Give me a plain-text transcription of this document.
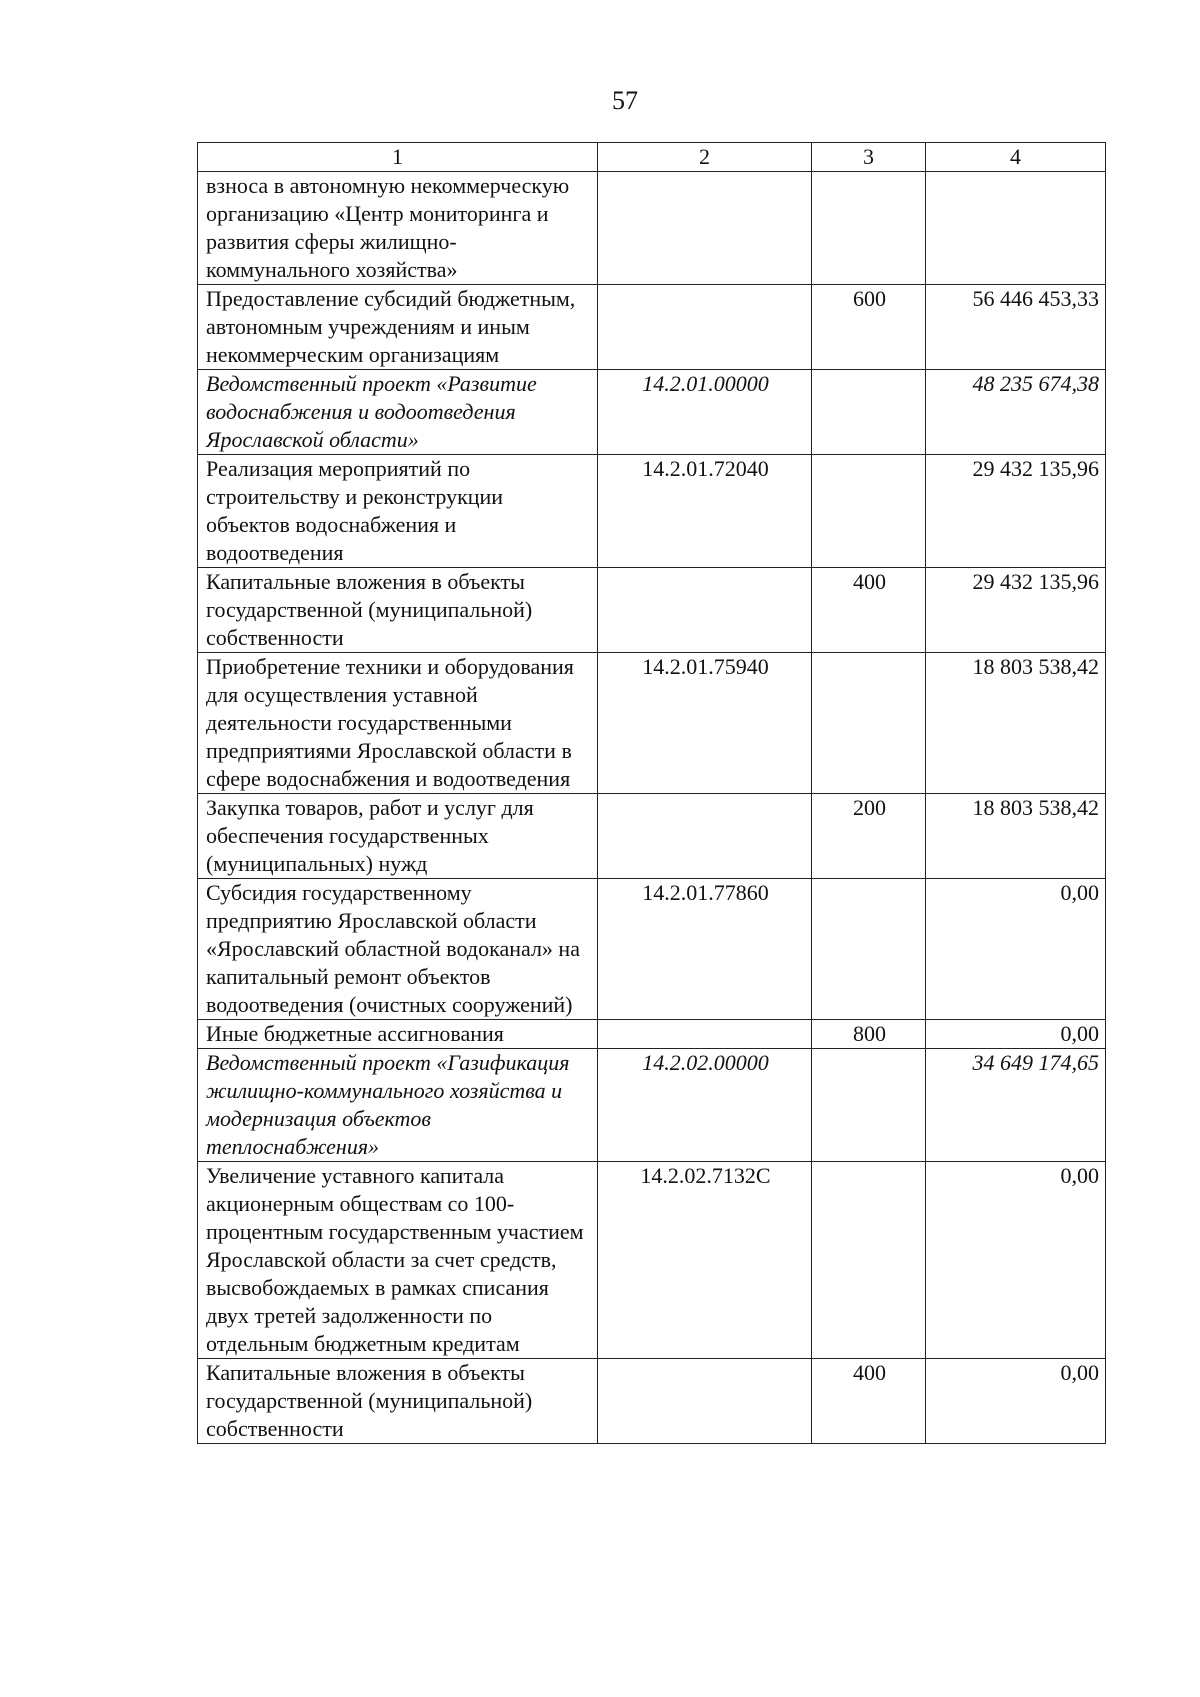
57
1	2	3	4
взноса в автономную некоммерческую организацию «Центр мониторинга и развития сферы жилищно-коммунального хозяйства»			
Предоставление субсидий бюджетным, автономным учреждениям и иным некоммерческим организациям		600	56 446 453,33
Ведомственный проект «Развитие водоснабжения и водоотведения Ярославской области»	14.2.01.00000		48 235 674,38
Реализация мероприятий по строительству и реконструкции объектов водоснабжения и водоотведения	14.2.01.72040		29 432 135,96
Капитальные вложения в объекты государственной (муниципальной) собственности		400	29 432 135,96
Приобретение техники и оборудования для осуществления уставной деятельности государственными предприятиями Ярославской области в сфере водоснабжения и водоотведения	14.2.01.75940		18 803 538,42
Закупка товаров, работ и услуг для обеспечения государственных (муниципальных) нужд		200	18 803 538,42
Субсидия государственному предприятию Ярославской области «Ярославский областной водоканал» на капитальный ремонт объектов водоотведения (очистных сооружений)	14.2.01.77860		0,00
Иные бюджетные ассигнования		800	0,00
Ведомственный проект «Газификация жилищно-коммунального хозяйства и модернизация объектов теплоснабжения»	14.2.02.00000		34 649 174,65
Увеличение уставного капитала акционерным обществам со 100-процентным государственным участием Ярославской области за счет средств, высвобождаемых в рамках списания двух третей задолженности по отдельным бюджетным кредитам	14.2.02.7132С		0,00
Капитальные вложения в объекты государственной (муниципальной) собственности		400	0,00
